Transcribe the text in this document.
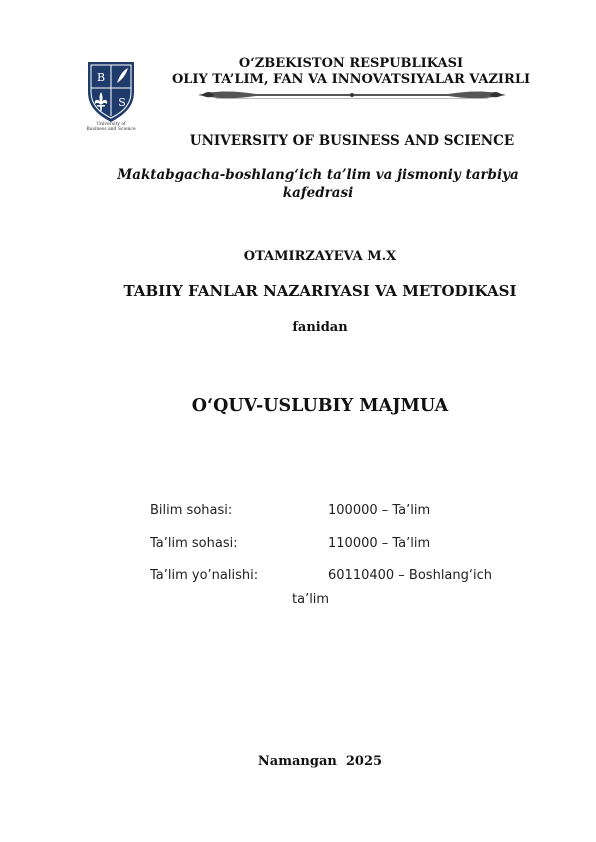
B
S
University of
Business and Science
O‘ZBEKISTON RESPUBLIKASI
OLIY TA’LIM, FAN VA INNOVATSIYALAR VAZIRLI
UNIVERSITY OF BUSINESS AND SCIENCE
Maktabgacha-boshlang‘ich ta’lim va jismoniy tarbiya
kafedrasi
OTAMIRZAYEVA M.X
TABIIY FANLAR NAZARIYASI VA METODIKASI
fanidan
O‘QUV-USLUBIY MAJMUA
Bilim sohasi:	100000 – Ta’lim
Ta’lim sohasi:	110000 – Ta’lim
Ta’lim yo’nalishi:	60110400 – Boshlang‘ich
ta’lim
Namangan 2025
